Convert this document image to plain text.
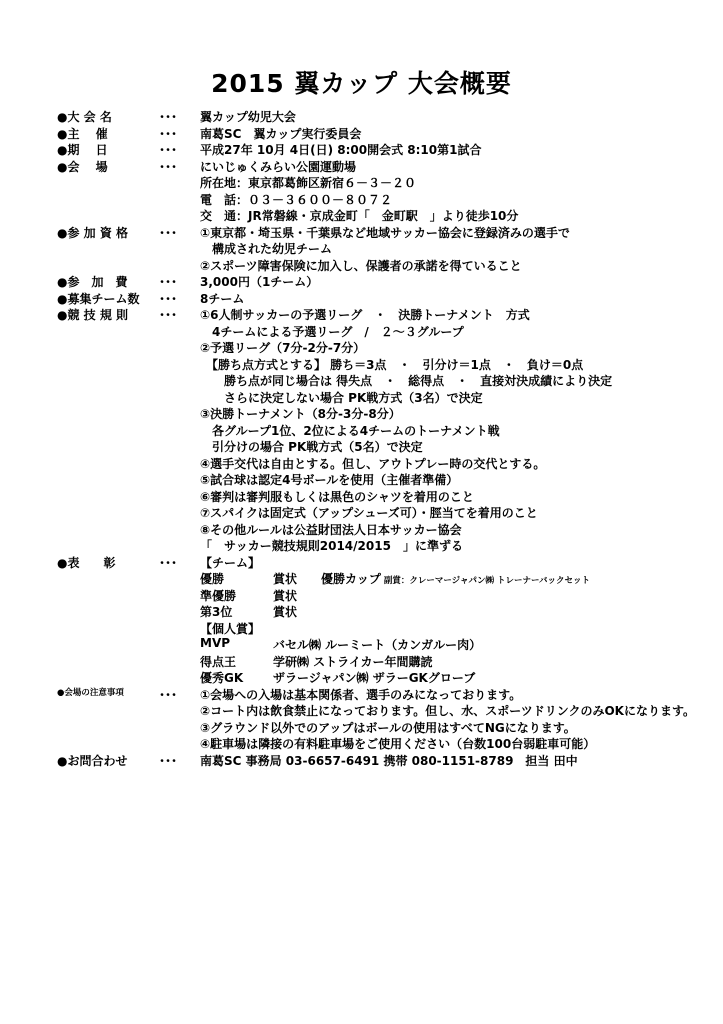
2015 翼カップ 大会概要
●大 会 名	･･･ 翼カップ幼児大会
●主　 催	･･･ 南葛SC　翼カップ実行委員会
●期　 日	･･･ 平成27年 10月 4日(日) 8:00開会式 8:10第1試合
●会　 場	･･･ にいじゅくみらい公園運動場
所在地：東京都葛飾区新宿６－３－２０
電　話：０３－３６００－８０７２
交　通：JR常磐線・京成金町「　金町駅　」より徒歩10分
●参 加 資 格	･･･ ①東京都・埼玉県・千葉県など地域サッカー協会に登録済みの選手で
　構成された幼児チーム
②スポーツ障害保険に加入し、保護者の承諾を得ていること
●参　加　費	･･･ 3,000円（1チーム）
●募集チーム数	･･･ 8チーム
●競 技 規 則	･･･ ①6人制サッカーの予選リーグ　・　決勝トーナメント　方式
　4チームによる予選リーグ　/　２～３グループ
②予選リーグ（7分-2分-7分）
　【勝ち点方式とする】 勝ち＝3点　・　引分け＝1点　・　負け＝0点
　　勝ち点が同じ場合は 得失点　・　総得点　・　直接対決成績により決定
　　さらに決定しない場合 PK戦方式（3名）で決定
③決勝トーナメント（8分-3分-8分）
　各グループ1位、2位による4チームのトーナメント戦
　引分けの場合 PK戦方式（5名）で決定
④選手交代は自由とする。但し、アウトプレー時の交代とする。
⑤試合球は認定4号ボールを使用（主催者準備）
⑥審判は審判服もしくは黒色のシャツを着用のこと
⑦スパイクは固定式（アップシューズ可）・脛当てを着用のこと
⑧その他ルールは公益財団法人日本サッカー協会
「　サッカー競技規則2014/2015　」に準ずる
●表　　彰	･･･ 【チーム】
優勝	賞状 優勝カップ 副賞：クレーマージャパン㈱ トレーナーバックセット
準優勝	賞状
第3位	賞状
【個人賞】
MVP	バセル㈱ ルーミート（カンガルー肉）
得点王	学研㈱ ストライカー年間購読
優秀GK ザラージャパン㈱ ザラーGKグローブ
●会場の注意事項	･･･ ①会場への入場は基本関係者、選手のみになっております。
②コート内は飲食禁止になっております。但し、水、スポーツドリンクのみOKになります。
③グラウンド以外でのアップはボールの使用はすべてNGになります。
④駐車場は隣接の有料駐車場をご使用ください（台数100台弱駐車可能）
●お問合わせ	･･･ 南葛SC 事務局 03-6657-6491 携帯 080-1151-8789　担当 田中
